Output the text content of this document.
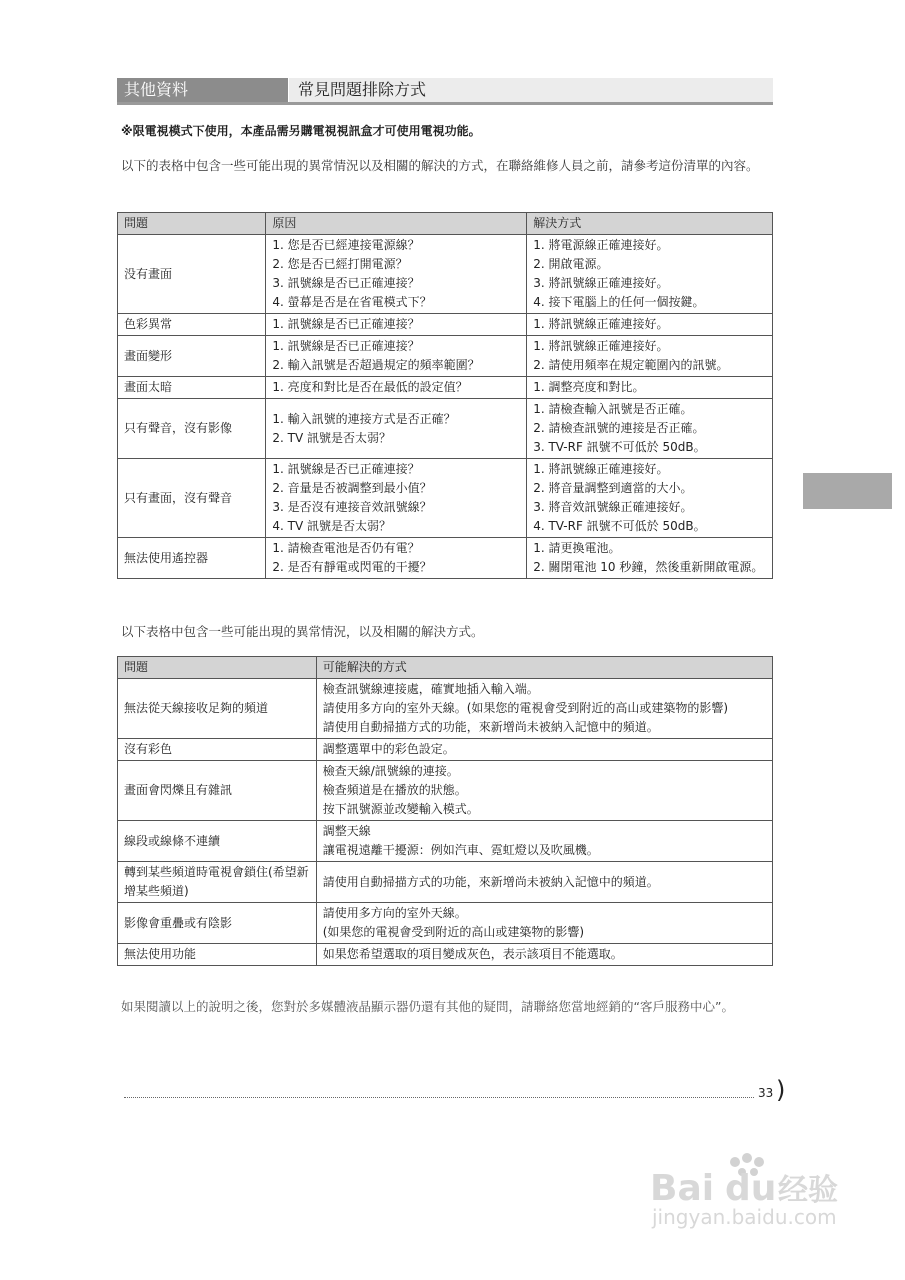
其他資料	常見問題排除方式
※限電視模式下使用，本產品需另購電視視訊盒才可使用電視功能。
以下的表格中包含一些可能出現的異常情況以及相關的解決的方式，在聯絡維修人員之前，請參考這份清單的內容。
問題	原因	解決方式
没有畫面	1. 您是否已經連接電源線？
2. 您是否已經打開電源？
3. 訊號線是否已正確連接？
4. 螢幕是否是在省電模式下？	1. 將電源線正確連接好。
2. 開啟電源。
3. 將訊號線正確連接好。
4. 接下電腦上的任何一個按鍵。

色彩異常	1. 訊號線是否已正確連接？	1. 將訊號線正確連接好。

畫面變形	1. 訊號線是否已正確連接？
2. 輸入訊號是否超過規定的頻率範圍？	1. 將訊號線正確連接好。
2. 請使用頻率在規定範圍內的訊號。

畫面太暗	1. 亮度和對比是否在最低的設定值？	1. 調整亮度和對比。

只有聲音，沒有影像	1. 輸入訊號的連接方式是否正確？
2. TV 訊號是否太弱？	1. 請檢查輸入訊號是否正確。
2. 請檢查訊號的連接是否正確。
3. TV-RF 訊號不可低於 50dB。

只有畫面，沒有聲音	1. 訊號線是否已正確連接？
2. 音量是否被調整到最小值？
3. 是否沒有連接音效訊號線？
4. TV 訊號是否太弱？	1. 將訊號線正確連接好。
2. 將音量調整到適當的大小。
3. 將音效訊號線正確連接好。
4. TV-RF 訊號不可低於 50dB。

無法使用遙控器	1. 請檢查電池是否仍有電？
2. 是否有靜電或閃電的干擾？	1. 請更換電池。
2. 關閉電池 10 秒鐘，然後重新開啟電源。
以下表格中包含一些可能出現的異常情況，以及相關的解決方式。
問題	可能解決的方式
無法從天線接收足夠的頻道	檢查訊號線連接處，確實地插入輸入端。
請使用多方向的室外天線。(如果您的電視會受到附近的高山或建築物的影響)
請使用自動掃描方式的功能，來新增尚未被納入記憶中的頻道。

沒有彩色	調整選單中的彩色設定。

畫面會閃爍且有雜訊	檢查天線/訊號線的連接。
檢查頻道是在播放的狀態。
按下訊號源並改變輸入模式。

線段或線條不連續	調整天線
讓電視遠離干擾源：例如汽車、霓虹燈以及吹風機。

轉到某些頻道時電視會鎖住(希望新增某些頻道)	請使用自動掃描方式的功能，來新增尚未被納入記憶中的頻道。

影像會重疊或有陰影	請使用多方向的室外天線。
(如果您的電視會受到附近的高山或建築物的影響)

無法使用功能	如果您希望選取的項目變成灰色，表示該項目不能選取。
如果閱讀以上的說明之後，您對於多媒體液晶顯示器仍還有其他的疑問，請聯絡您當地經銷的“客戶服務中心”。
33 )
Bai du 经验
jingyan.baidu.com
